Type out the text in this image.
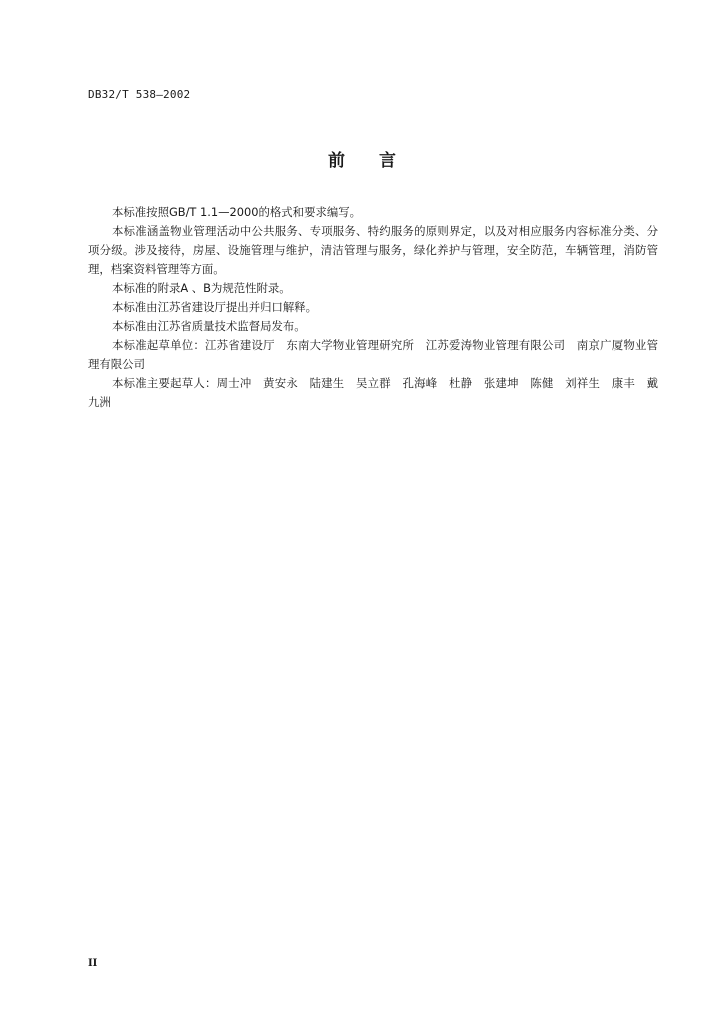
DB32/T 538—2002
前　　言

本标准按照GB/T 1.1—2000的格式和要求编写。

本标准涵盖物业管理活动中公共服务、专项服务、特约服务的原则界定，以及对相应服务内容标准分类、分项分级。涉及接待，房屋、设施管理与维护，清洁管理与服务，绿化养护与管理，安全防范，车辆管理，消防管理，档案资料管理等方面。

本标准的附录A 、B为规范性附录。

本标准由江苏省建设厅提出并归口解释。

本标准由江苏省质量技术监督局发布。

本标准起草单位：江苏省建设厅　东南大学物业管理研究所　江苏爱涛物业管理有限公司　南京广厦物业管理有限公司

本标准主要起草人：周士冲　黄安永　陆建生　吴立群　孔海峰　杜静　张建坤　陈健　刘祥生　康丰　戴九洲

II
